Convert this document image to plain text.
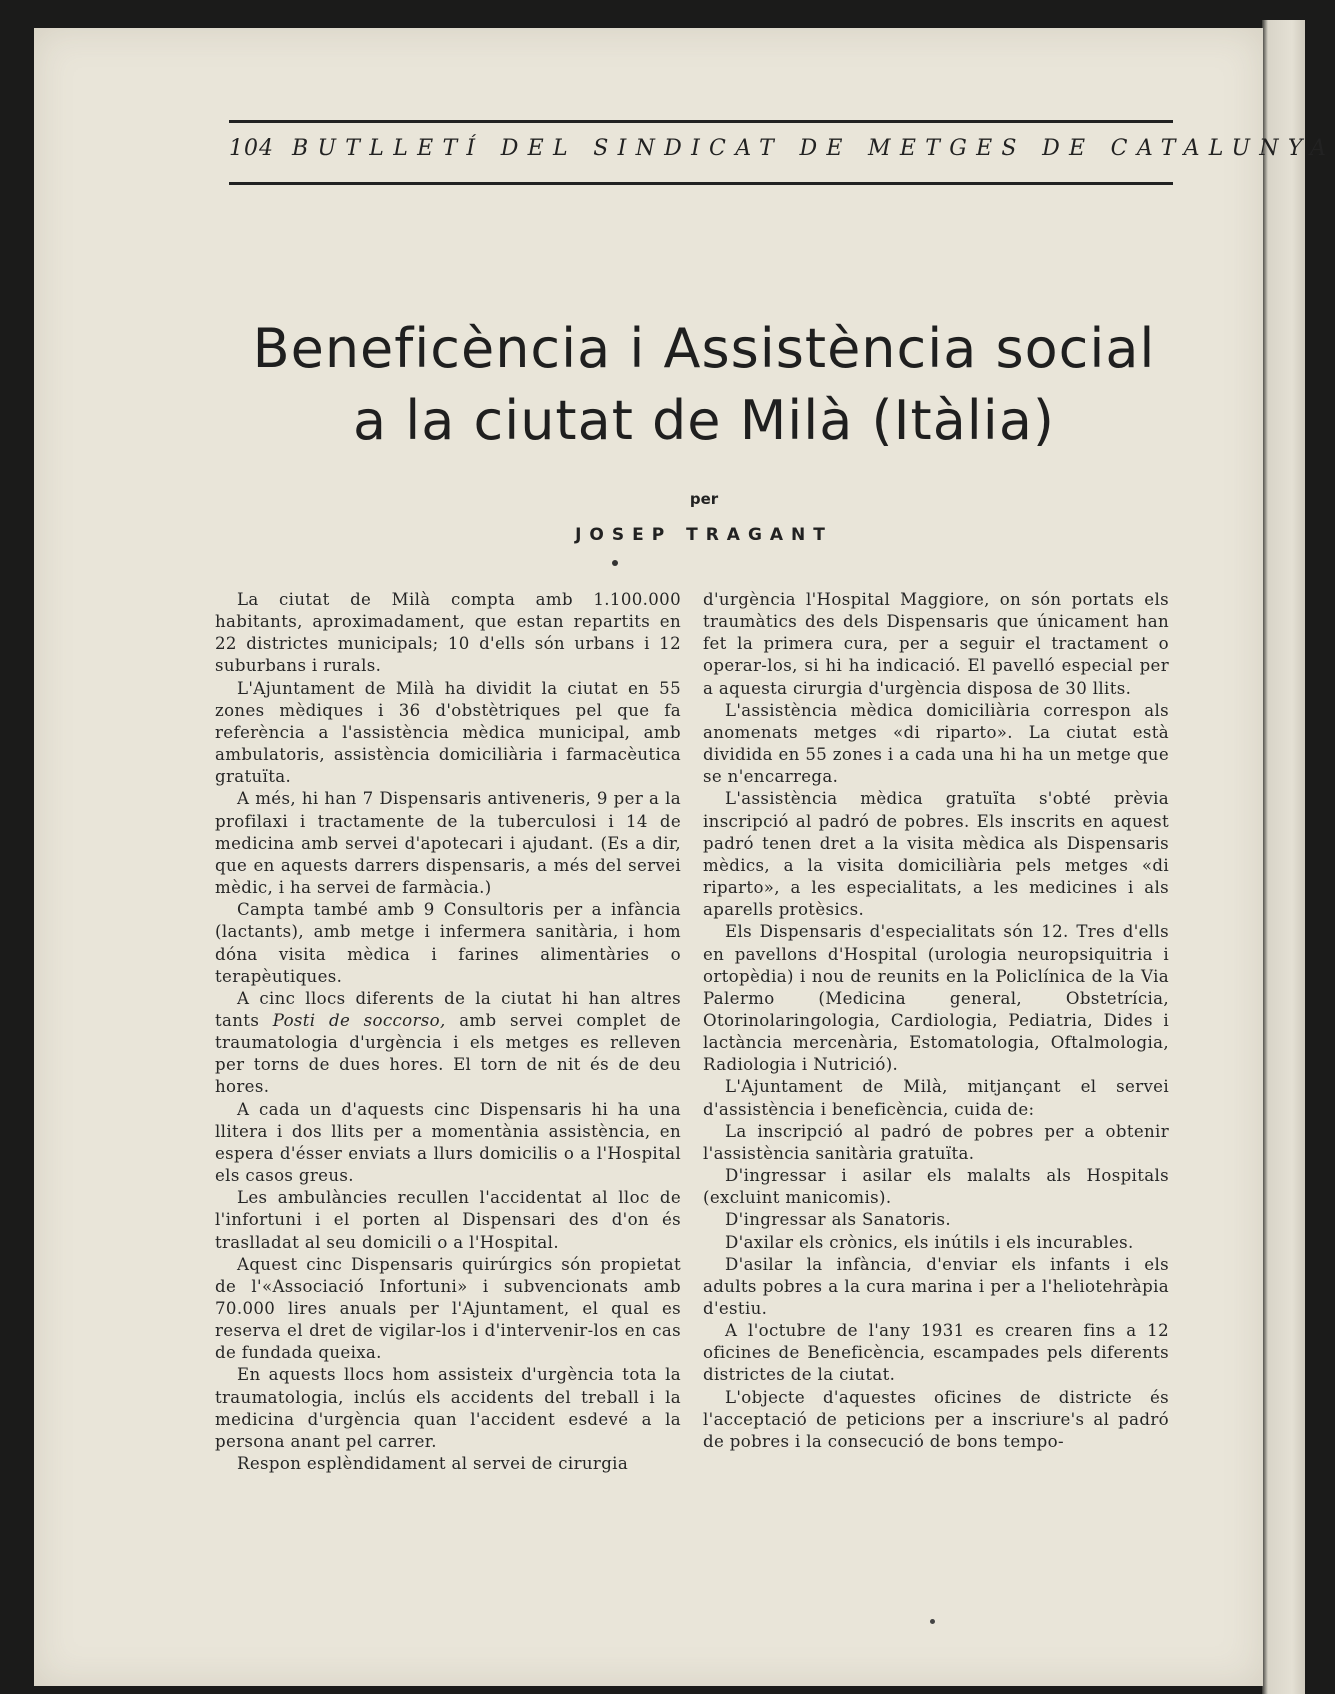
104 BUTLLETÍ DEL SINDICAT DE METGES DE CATALUNYA
Beneficència i Assistència social
a la ciutat de Milà (Itàlia)
per
JOSEP TRAGANT

La ciutat de Milà compta amb 1.100.000 habitants, aproximadament, que estan repartits en 22 districtes municipals; 10 d'ells són urbans i 12 suburbans i rurals.

L'Ajuntament de Milà ha dividit la ciutat en 55 zones mèdiques i 36 d'obstètriques pel que fa referència a l'assistència mèdica municipal, amb ambulatoris, assistència domiciliària i farmacèutica gratuïta.

A més, hi han 7 Dispensaris antiveneris, 9 per a la profilaxi i tractamente de la tuberculosi i 14 de medicina amb servei d'apotecari i ajudant. (Es a dir, que en aquests darrers dispensaris, a més del servei mèdic, i ha servei de farmàcia.)

Campta també amb 9 Consultoris per a infància (lactants), amb metge i infermera sanitària, i hom dóna visita mèdica i farines alimentàries o terapèutiques.

A cinc llocs diferents de la ciutat hi han altres tants Posti de soccorso, amb servei complet de traumatologia d'urgència i els metges es relleven per torns de dues hores. El torn de nit és de deu hores.

A cada un d'aquests cinc Dispensaris hi ha una llitera i dos llits per a momentània assistència, en espera d'ésser enviats a llurs domicilis o a l'Hospital els casos greus.

Les ambulàncies recullen l'accidentat al lloc de l'infortuni i el porten al Dispensari des d'on és traslladat al seu domicili o a l'Hospital.

Aquest cinc Dispensaris quirúrgics són propietat de l'«Associació Infortuni» i subvencionats amb 70.000 lires anuals per l'Ajuntament, el qual es reserva el dret de vigilar-los i d'intervenir-los en cas de fundada queixa.

En aquests llocs hom assisteix d'urgència tota la traumatologia, inclús els accidents del treball i la medicina d'urgència quan l'accident esdevé a la persona anant pel carrer.

Respon esplèndidament al servei de cirurgia

d'urgència l'Hospital Maggiore, on són portats els traumàtics des dels Dispensaris que únicament han fet la primera cura, per a seguir el tractament o operar-los, si hi ha indicació. El pavelló especial per a aquesta cirurgia d'urgència disposa de 30 llits.

L'assistència mèdica domiciliària correspon als anomenats metges «di riparto». La ciutat està dividida en 55 zones i a cada una hi ha un metge que se n'encarrega.

L'assistència mèdica gratuïta s'obté prèvia inscripció al padró de pobres. Els inscrits en aquest padró tenen dret a la visita mèdica als Dispensaris mèdics, a la visita domiciliària pels metges «di riparto», a les especialitats, a les medicines i als aparells protèsics.

Els Dispensaris d'especialitats són 12. Tres d'ells en pavellons d'Hospital (urologia neuropsiquitria i ortopèdia) i nou de reunits en la Policlínica de la Via Palermo (Medicina general, Obstetrícia, Otorinolaringologia, Cardiologia, Pediatria, Dides i lactància mercenària, Estomatologia, Oftalmologia, Radiologia i Nutrició).

L'Ajuntament de Milà, mitjançant el servei d'assistència i beneficència, cuida de:

La inscripció al padró de pobres per a obtenir l'assistència sanitària gratuïta.

D'ingressar i asilar els malalts als Hospitals (excluint manicomis).

D'ingressar als Sanatoris.

D'axilar els crònics, els inútils i els incurables.

D'asilar la infància, d'enviar els infants i els adults pobres a la cura marina i per a l'heliotehràpia d'estiu.

A l'octubre de l'any 1931 es crearen fins a 12 oficines de Beneficència, escampades pels diferents districtes de la ciutat.

L'objecte d'aquestes oficines de districte és l'acceptació de peticions per a inscriure's al padró de pobres i la consecució de bons tempo-
